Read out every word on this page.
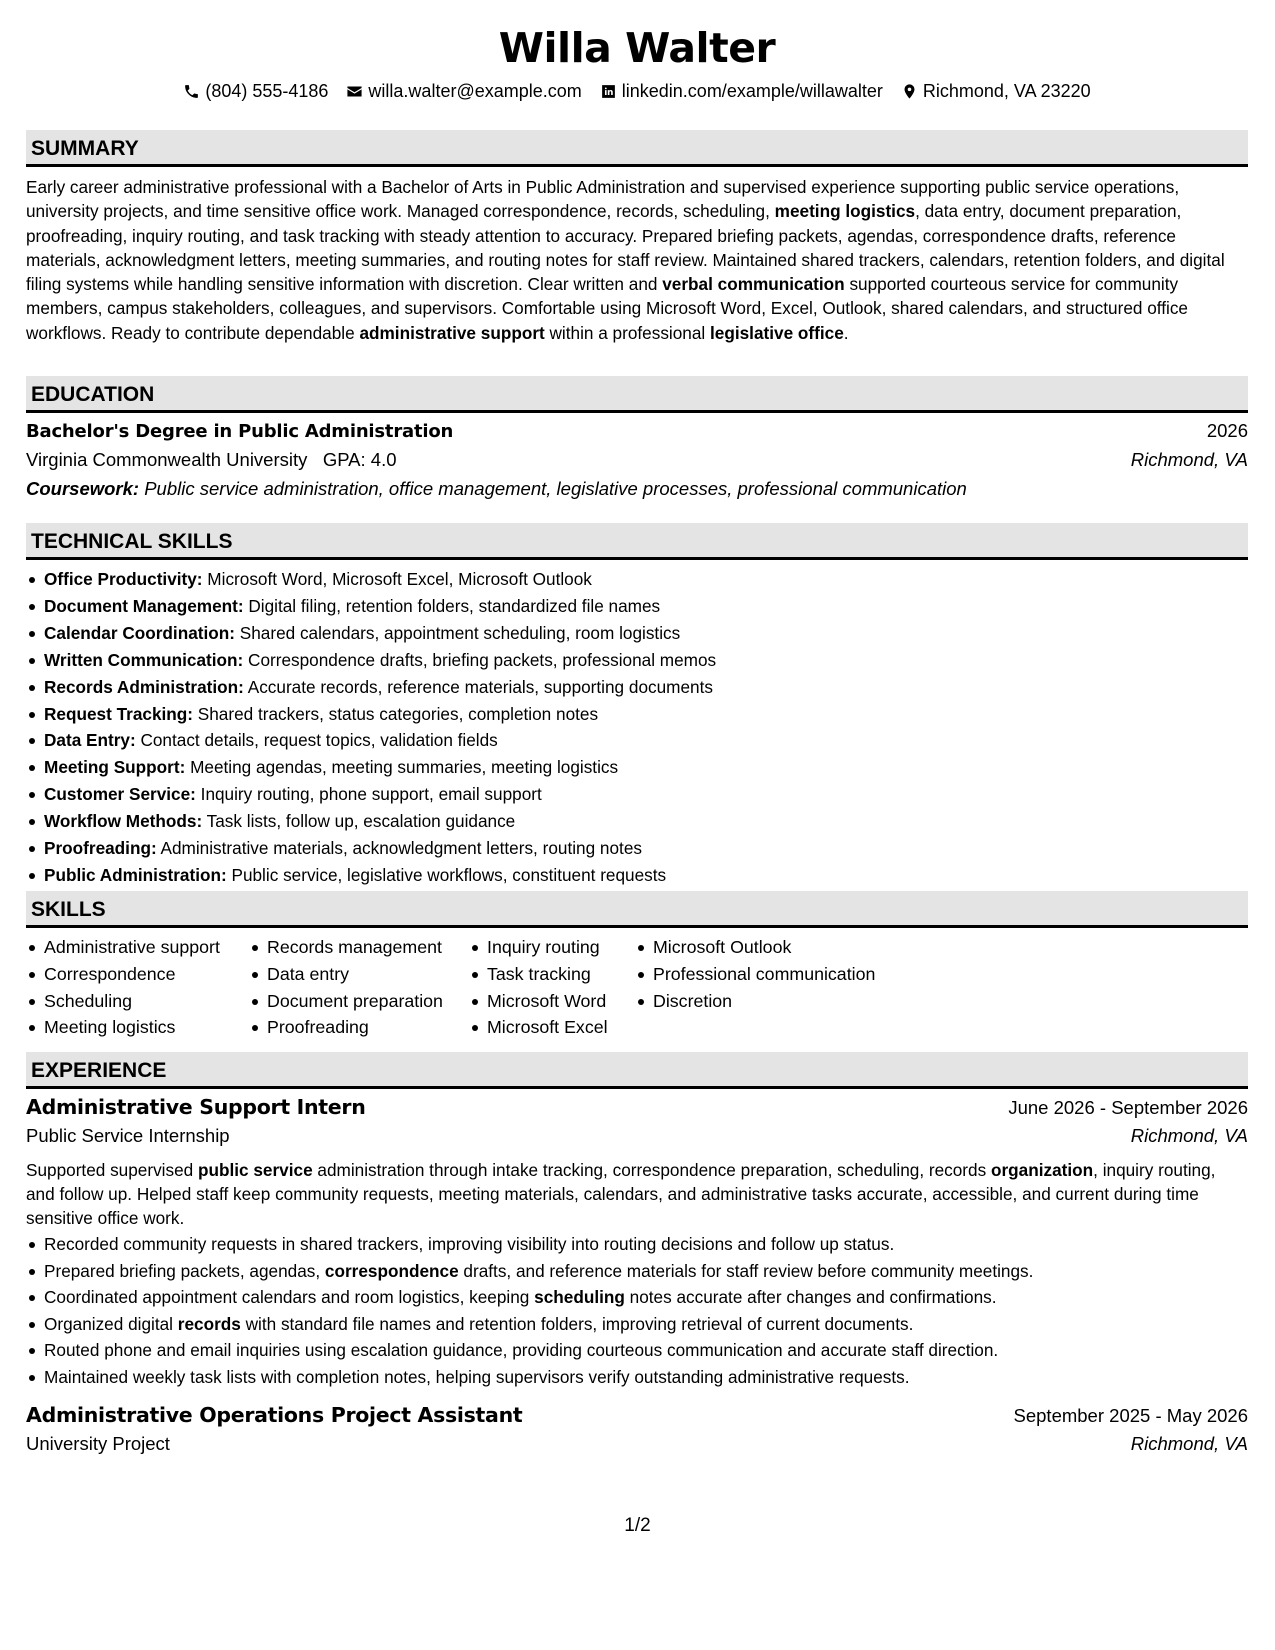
Willa Walter
(804) 555-4186 willa.walter@example.com linkedin.com/example/willawalter Richmond, VA 23220
SUMMARY

Early career administrative professional with a Bachelor of Arts in Public Administration and supervised experience supporting public service operations, university projects, and time sensitive office work. Managed correspondence, records, scheduling, meeting logistics, data entry, document preparation, proofreading, inquiry routing, and task tracking with steady attention to accuracy. Prepared briefing packets, agendas, correspondence drafts, reference materials, acknowledgment letters, meeting summaries, and routing notes for staff review. Maintained shared trackers, calendars, retention folders, and digital filing systems while handling sensitive information with discretion. Clear written and verbal communication supported courteous service for community members, campus stakeholders, colleagues, and supervisors. Comfortable using Microsoft Word, Excel, Outlook, shared calendars, and structured office workflows. Ready to contribute dependable administrative support within a professional legislative office.

EDUCATION
Bachelor's Degree in Public Administration	2026
Virginia Commonwealth University GPA: 4.0	Richmond, VA
Coursework: Public service administration, office management, legislative processes, professional communication
TECHNICAL SKILLS
Office Productivity: Microsoft Word, Microsoft Excel, Microsoft Outlook
Document Management: Digital filing, retention folders, standardized file names
Calendar Coordination: Shared calendars, appointment scheduling, room logistics
Written Communication: Correspondence drafts, briefing packets, professional memos
Records Administration: Accurate records, reference materials, supporting documents
Request Tracking: Shared trackers, status categories, completion notes
Data Entry: Contact details, request topics, validation fields
Meeting Support: Meeting agendas, meeting summaries, meeting logistics
Customer Service: Inquiry routing, phone support, email support
Workflow Methods: Task lists, follow up, escalation guidance
Proofreading: Administrative materials, acknowledgment letters, routing notes
Public Administration: Public service, legislative workflows, constituent requests
SKILLS
Administrative support
Correspondence
Scheduling
Meeting logistics
Records management
Data entry
Document preparation
Proofreading
Inquiry routing
Task tracking
Microsoft Word
Microsoft Excel
Microsoft Outlook
Professional communication
Discretion
EXPERIENCE
Administrative Support Intern	June 2026 - September 2026
Public Service Internship	Richmond, VA

Supported supervised public service administration through intake tracking, correspondence preparation, scheduling, records organization, inquiry routing, and follow up. Helped staff keep community requests, meeting materials, calendars, and administrative tasks accurate, accessible, and current during time sensitive office work.

Recorded community requests in shared trackers, improving visibility into routing decisions and follow up status.
Prepared briefing packets, agendas, correspondence drafts, and reference materials for staff review before community meetings.
Coordinated appointment calendars and room logistics, keeping scheduling notes accurate after changes and confirmations.
Organized digital records with standard file names and retention folders, improving retrieval of current documents.
Routed phone and email inquiries using escalation guidance, providing courteous communication and accurate staff direction.
Maintained weekly task lists with completion notes, helping supervisors verify outstanding administrative requests.
Administrative Operations Project Assistant	September 2025 - May 2026
University Project	Richmond, VA
1/2
